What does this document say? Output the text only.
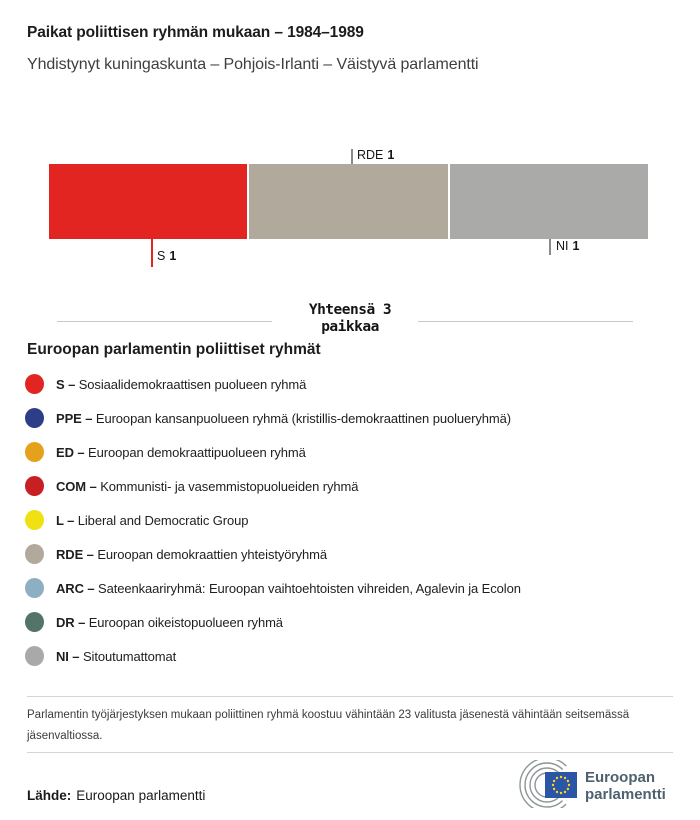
Paikat poliittisen ryhmän mukaan – 1984–1989
Yhdistynyt kuningaskunta – Pohjois-Irlanti – Väistyvä parlamentti
RDE 1
S 1
NI 1
Yhteensä 3
paikkaa
Euroopan parlamentin poliittiset ryhmät
S – Sosiaalidemokraattisen puolueen ryhmä
PPE – Euroopan kansanpuolueen ryhmä (kristillis-demokraattinen puolueryhmä)
ED – Euroopan demokraattipuolueen ryhmä
COM – Kommunisti- ja vasemmistopuolueiden ryhmä
L – Liberal and Democratic Group
RDE – Euroopan demokraattien yhteistyöryhmä
ARC – Sateenkaariryhmä: Euroopan vaihtoehtoisten vihreiden, Agalevin ja Ecolon
DR – Euroopan oikeistopuolueen ryhmä
NI – Sitoutumattomat
Parlamentin työjärjestyksen mukaan poliittinen ryhmä koostuu vähintään 23 valitusta jäsenestä vähintään seitsemässä jäsenvaltiossa.
Lähde: Euroopan parlamentti
Euroopan
parlamentti
